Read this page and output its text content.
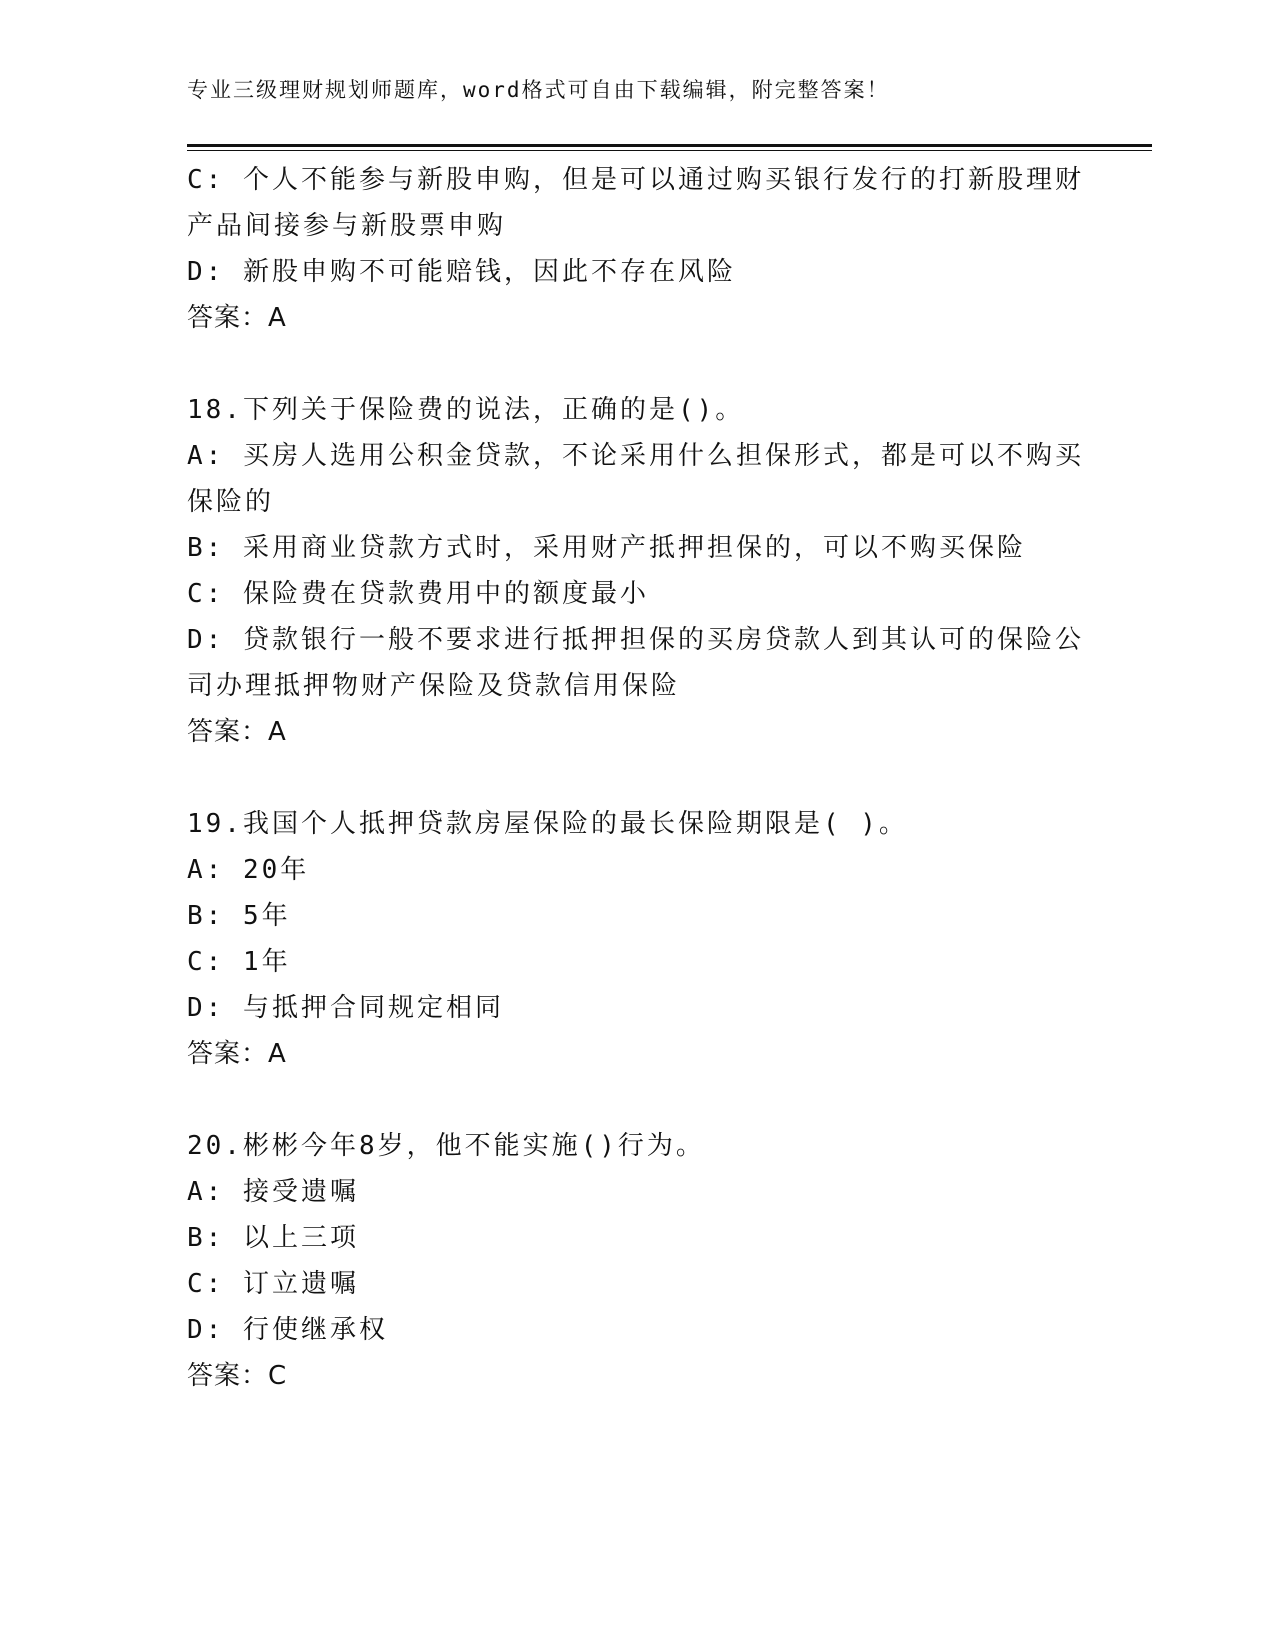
专业三级理财规划师题库，word格式可自由下载编辑，附完整答案！
C: 个人不能参与新股申购，但是可以通过购买银行发行的打新股理财
产品间接参与新股票申购
D: 新股申购不可能赔钱，因此不存在风险
答案：A
18.下列关于保险费的说法，正确的是()。
A: 买房人选用公积金贷款，不论采用什么担保形式，都是可以不购买
保险的
B: 采用商业贷款方式时，采用财产抵押担保的，可以不购买保险
C: 保险费在贷款费用中的额度最小
D: 贷款银行一般不要求进行抵押担保的买房贷款人到其认可的保险公
司办理抵押物财产保险及贷款信用保险
答案：A
19.我国个人抵押贷款房屋保险的最长保险期限是( )。
A: 20年
B: 5年
C: 1年
D: 与抵押合同规定相同
答案：A
20.彬彬今年8岁，他不能实施()行为。
A: 接受遗嘱
B: 以上三项
C: 订立遗嘱
D: 行使继承权
答案：C
